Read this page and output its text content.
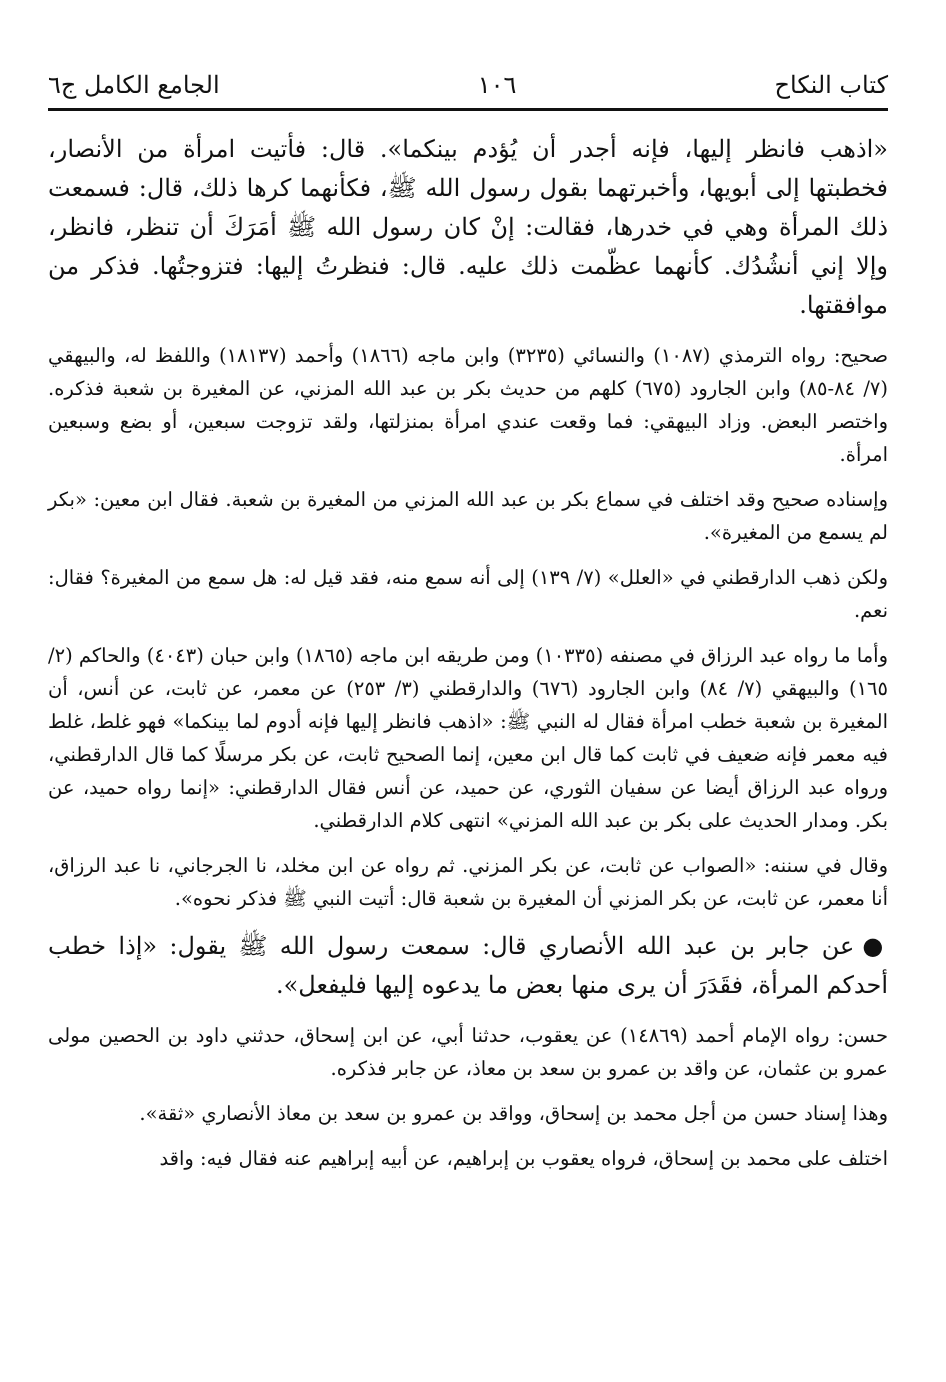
كتاب النكاح
١٠٦
الجامع الكامل ج٦

«اذهب فانظر إليها، فإنه أجدر أن يُؤدم بينكما». قال: فأتيت امرأة من الأنصار، فخطبتها إلى أبويها، وأخبرتهما بقول رسول الله ﷺ، فكأنهما كرها ذلك، قال: فسمعت ذلك المرأة وهي في خدرها، فقالت: إنْ كان رسول الله ﷺ أمَرَكَ أن تنظر، فانظر، وإلا إني أنشُدُك. كأنهما عظّمت ذلك عليه. قال: فنظرتُ إليها: فتزوجتُها. فذكر من موافقتها.

صحيح: رواه الترمذي (١٠٨٧) والنسائي (٣٢٣٥) وابن ماجه (١٨٦٦) وأحمد (١٨١٣٧) واللفظ له، والبيهقي (٧/ ٨٤-٨٥) وابن الجارود (٦٧٥) كلهم من حديث بكر بن عبد الله المزني، عن المغيرة بن شعبة فذكره. واختصر البعض. وزاد البيهقي: فما وقعت عندي امرأة بمنزلتها، ولقد تزوجت سبعين، أو بضع وسبعين امرأة.

وإسناده صحيح وقد اختلف في سماع بكر بن عبد الله المزني من المغيرة بن شعبة. فقال ابن معين: «بكر لم يسمع من المغيرة».

ولكن ذهب الدارقطني في «العلل» (٧/ ١٣٩) إلى أنه سمع منه، فقد قيل له: هل سمع من المغيرة؟ فقال: نعم.

وأما ما رواه عبد الرزاق في مصنفه (١٠٣٣٥) ومن طريقه ابن ماجه (١٨٦٥) وابن حبان (٤٠٤٣) والحاكم (٢/ ١٦٥) والبيهقي (٧/ ٨٤) وابن الجارود (٦٧٦) والدارقطني (٣/ ٢٥٣) عن معمر، عن ثابت، عن أنس، أن المغيرة بن شعبة خطب امرأة فقال له النبي ﷺ: «اذهب فانظر إليها فإنه أدوم لما بينكما» فهو غلط، غلط فيه معمر فإنه ضعيف في ثابت كما قال ابن معين، إنما الصحيح ثابت، عن بكر مرسلًا كما قال الدارقطني، ورواه عبد الرزاق أيضا عن سفيان الثوري، عن حميد، عن أنس فقال الدارقطني: «إنما رواه حميد، عن بكر. ومدار الحديث على بكر بن عبد الله المزني» انتهى كلام الدارقطني.

وقال في سننه: «الصواب عن ثابت، عن بكر المزني. ثم رواه عن ابن مخلد، نا الجرجاني، نا عبد الرزاق، أنا معمر، عن ثابت، عن بكر المزني أن المغيرة بن شعبة قال: أتيت النبي ﷺ فذكر نحوه».

●عن جابر بن عبد الله الأنصاري قال: سمعت رسول الله ﷺ يقول: «إذا خطب أحدكم المرأة، فقَدَرَ أن يرى منها بعض ما يدعوه إليها فليفعل».

حسن: رواه الإمام أحمد (١٤٨٦٩) عن يعقوب، حدثنا أبي، عن ابن إسحاق، حدثني داود بن الحصين مولى عمرو بن عثمان، عن واقد بن عمرو بن سعد بن معاذ، عن جابر فذكره.

وهذا إسناد حسن من أجل محمد بن إسحاق، وواقد بن عمرو بن سعد بن معاذ الأنصاري «ثقة».

اختلف على محمد بن إسحاق، فرواه يعقوب بن إبراهيم، عن أبيه إبراهيم عنه فقال فيه: واقد
